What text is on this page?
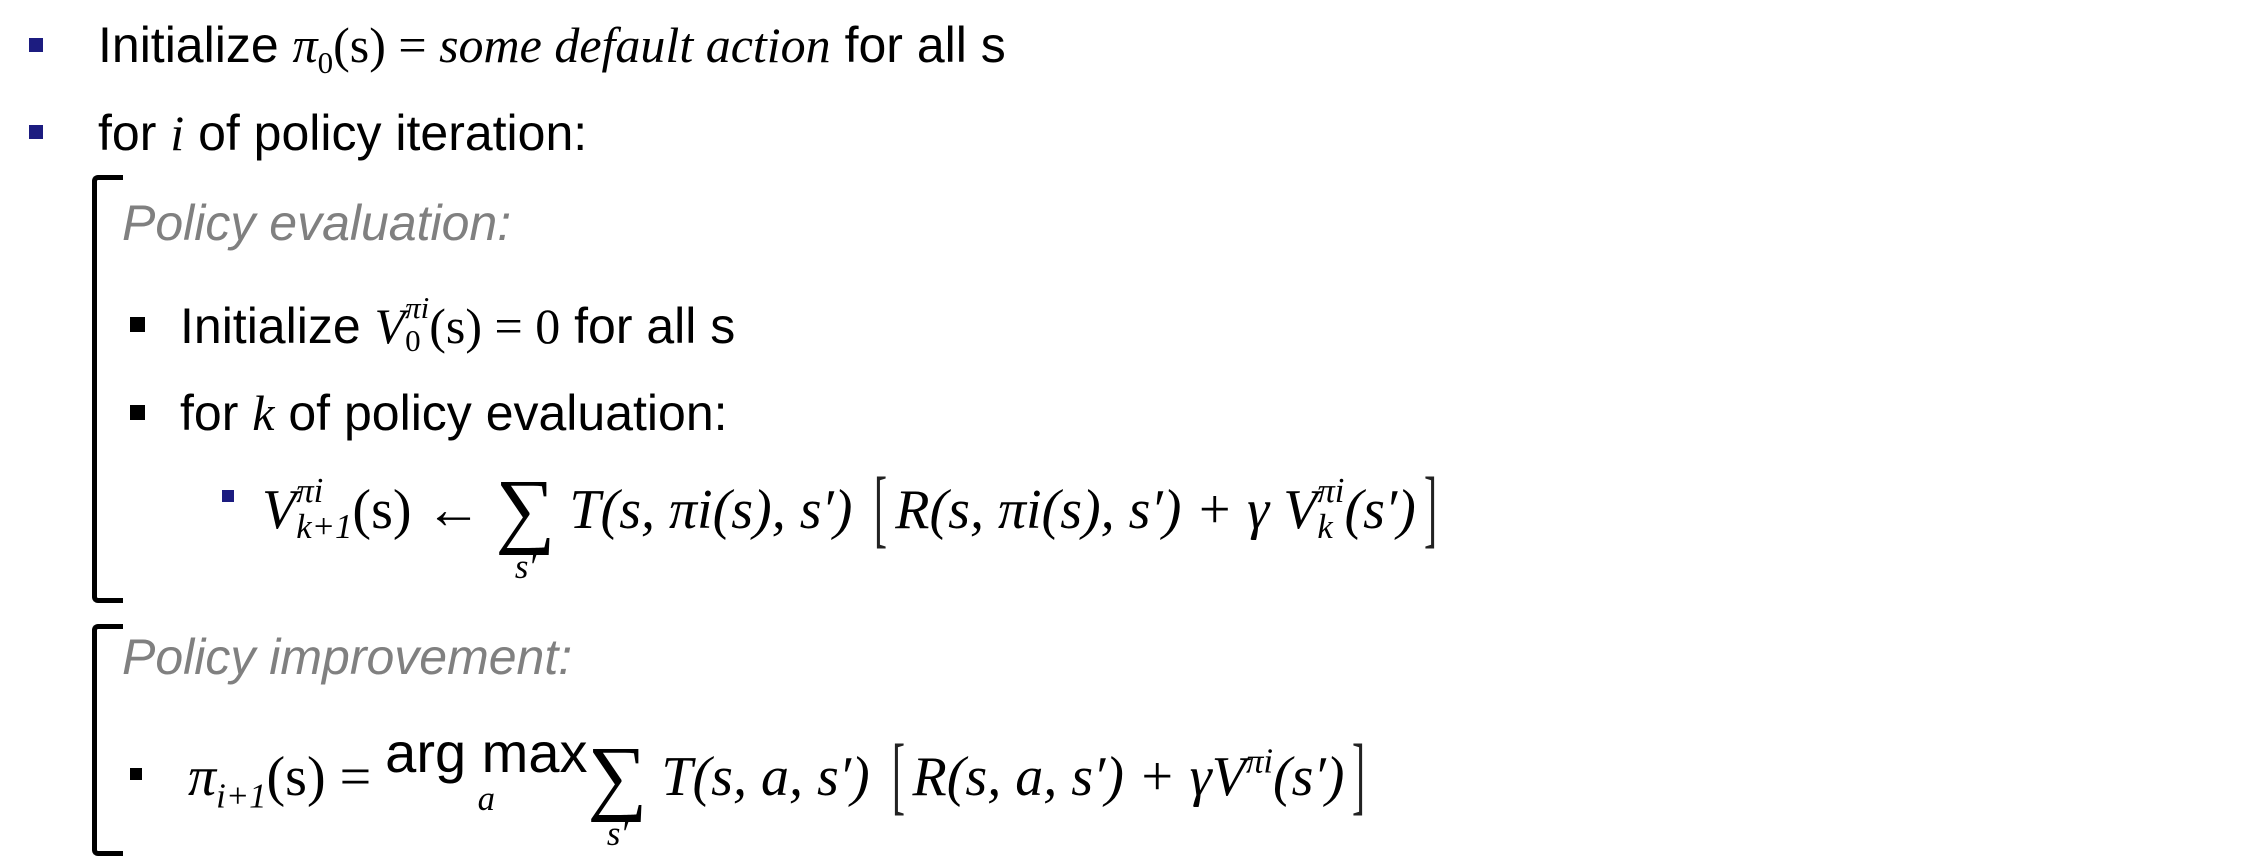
Initialize $\pi_0(s)$ = some default action for all s
for i of policy iteration:
Policy evaluation:
Initialize V πi
0 (s) = 0 for all s
for k of policy evaluation:
V πi
k+1 (s) ← ∑
s′
T(s, πi(s), s′) [ R(s, πi(s), s′) + γ V πi
k (s′)]
Policy improvement:
$\pi_{i+1}(s)$ = arg max
a	∑
s′
T(s, a, s′) [ R(s, a, $s') + \gamma V^{\pi i}(s')$]
